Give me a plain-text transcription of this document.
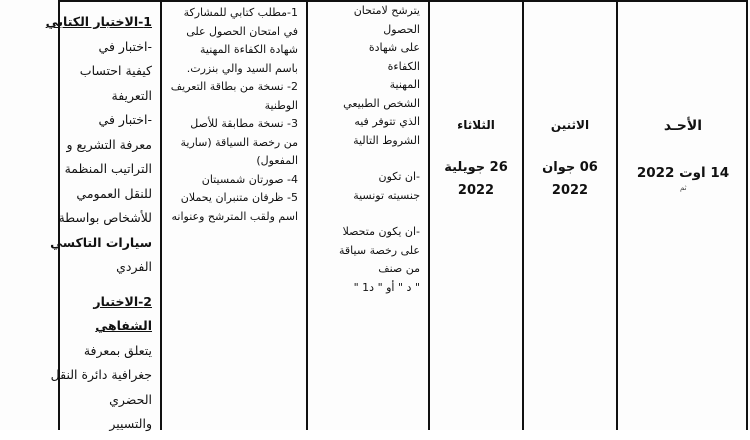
1-الاختبار الكتابي
-اختبار في
كيفية احتساب
التعريفة
-اختبار في
معرفة التشريع و
التراتيب المنظمة
للنقل العمومي
للأشخاص بواسطة
سيارات التاكسي
الفردي
2-الاختبار
الشفاهي
يتعلق بمعرفة
جغرافية دائرة النقل
الحضري
والتسيير
1-مطلب كتابي للمشاركة
في امتحان الحصول على
شهادة الكفاءة المهنية
باسم السيد والي بنزرت.
2- نسخة من بطاقة التعريف
الوطنية
3- نسخة مطابقة للأصل
من رخصة السياقة (سارية
المفعول)
4- صورتان شمسيتان
5- ظرفان متنبران يحملان
اسم ولقب المترشح وعنوانه
يترشح لامتحان
الحصول
على شهادة
الكفاءة
المهنية
الشخص الطبيعي
الذي تتوفر فيه
الشروط التالية
-ان تكون
جنسيته تونسية
-ان يكون متحصلا
على رخصة سياقة
من صنف
" د " أو " د1 "
الثلاثاء
26 جويلية
2022
الاثنين
06 جوان
2022
الأحـد
14 اوت 2022
ثم
